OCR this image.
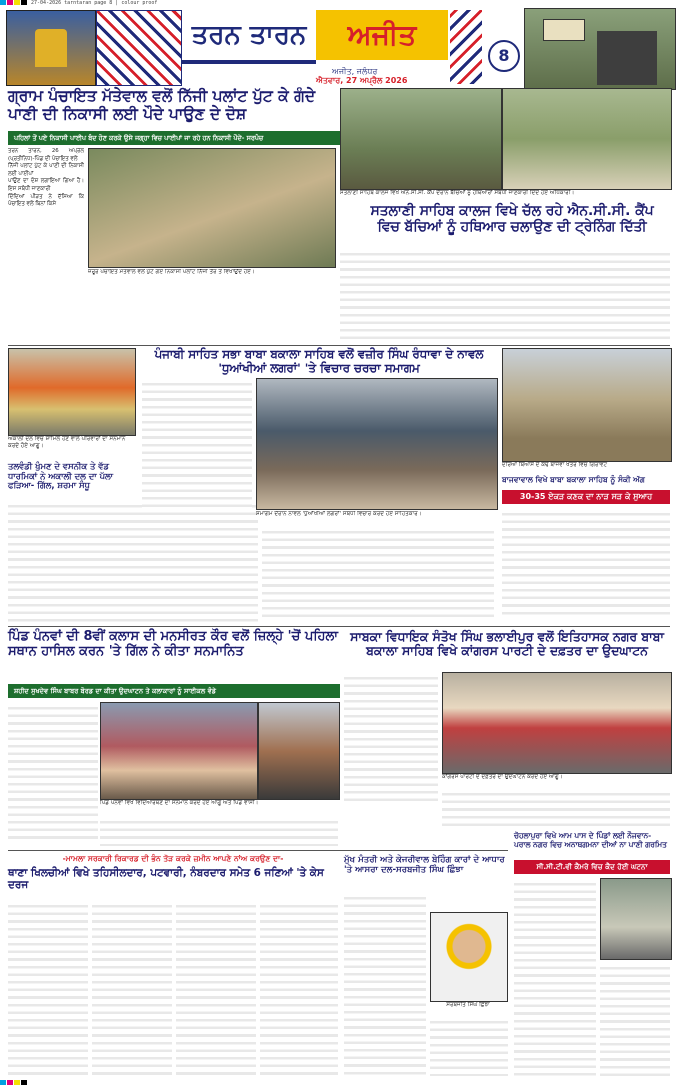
27-04-2026 tarntaran page 8 | colour proof
ਤਰਨ ਤਾਰਨ	ਅਜੀਤ
ਅਜੀਤ, ਜਲੰਧਰ
ਐਤਵਾਰ, 27 ਅਪ੍ਰੈਲ 2026
8
ਗ੍ਰਾਮ ਪੰਚਾਇਤ ਮੱਤੇਵਾਲ ਵਲੋਂ ਨਿੱਜੀ ਪਲਾਂਟ ਪੁੱਟ ਕੇ ਗੰਦੇ ਪਾਣੀ ਦੀ ਨਿਕਾਸੀ ਲਈ ਪੌਦੇ ਪਾਉਣ ਦੇ ਦੋਸ਼
ਪਹਿਲਾਂ ਤੋਂ ਪਏ ਨਿਕਾਸੀ ਪਾਈਪ ਬੰਦ ਹੋਣ ਕਰਕੇ ਉਸੇ ਜਗ੍ਹਾ ਵਿਚ ਪਾਈਪਾਂ ਜਾ ਰਹੇ ਹਨ ਨਿਕਾਸੀ ਪੌਦੇ- ਸਰਪੰਚ
ਤਰਨ ਤਾਰਨ, 26 ਅਪ੍ਰੈਲ (ਪ੍ਰਤੀਨਿਧ)-ਪਿੰਡ ਦੀ ਪੰਚਾਇਤ ਵਲੋਂ
ਨਿੱਜੀ ਪਲਾਂਟ ਪੁੱਟ ਕੇ ਪਾਣੀ ਦੀ ਨਿਕਾਸੀ ਲਈ ਪਾਈਪਾਂ
ਪਾਉਣ ਦਾ ਦੋਸ਼ ਲਗਾਇਆ ਗਿਆ ਹੈ। ਇਸ ਸਬੰਧੀ ਜਾਣਕਾਰੀ
ਦਿੰਦਿਆਂ ਪੀੜਤ ਨੇ ਦੱਸਿਆ ਕਿ ਪੰਚਾਇਤ ਵਲੋਂ ਬਿਨਾਂ ਕਿਸੇ
ਜ਼ਰੂਰ ਪੰਚਾਇਤ ਮੱਤੇਵਾਲ ਵਲੋਂ ਪੁੱਟੇ ਗਏ ਨਿਕਾਸੀ ਪਲਾਂਟ ਨਿੱਜੀ ਤੌਰ ਤੇ ਵਿਖਾਉਂਦੇ ਹੋਏ।
ਸਤਲਾਣੀ ਸਾਹਿਬ ਕਾਲਜ ਵਿਖੇ ਐਨ.ਸੀ.ਸੀ. ਕੈਂਪ ਦੌਰਾਨ ਬੱਚਿਆਂ ਨੂੰ ਹਥਿਆਰਾਂ ਸਬੰਧੀ ਜਾਣਕਾਰੀ ਦਿੰਦੇ ਹੋਏ ਅਧਿਕਾਰੀ।
ਸਤਲਾਣੀ ਸਾਹਿਬ ਕਾਲਜ ਵਿਖੇ ਚੱਲ ਰਹੇ ਐਨ.ਸੀ.ਸੀ. ਕੈਂਪ ਵਿਚ ਬੱਚਿਆਂ ਨੂੰ ਹਥਿਆਰ ਚਲਾਉਣ ਦੀ ਟ੍ਰੇਨਿੰਗ ਦਿੱਤੀ
ਅਕਾਲੀ ਦਲ ਵਿਚ ਸ਼ਾਮਿਲ ਹੋਣ ਵਾਲੇ ਪਰਿਵਾਰਾਂ ਦਾ ਸਨਮਾਨ ਕਰਦੇ ਹੋਏ ਆਗੂ।
ਤਲਵੰਡੀ ਖੁੰਮਣ ਦੇ ਵਸਨੀਕ ਤੇ ਵੱਡ ਧਾਰਮਿਕਾਂ ਨੇ ਅਕਾਲੀ ਦਲ ਦਾ ਪੱਲਾ ਫੜਿਆ- ਗਿੱਲ, ਸ਼ਰਮਾ ਸੰਧੂ
ਪੰਜਾਬੀ ਸਾਹਿਤ ਸਭਾ ਬਾਬਾ ਬਕਾਲਾ ਸਾਹਿਬ ਵਲੋਂ ਵਜ਼ੀਰ ਸਿੰਘ ਰੰਧਾਵਾ ਦੇ ਨਾਵਲ 'ਧੁਆਂਖੀਆਂ ਲਗਰਾਂ' 'ਤੇ ਵਿਚਾਰ ਚਰਚਾ ਸਮਾਗਮ
ਸਮਾਗਮ ਦੌਰਾਨ ਨਾਵਲ 'ਧੁਆਂਖੀਆਂ ਲਗਰਾਂ' ਸਬੰਧੀ ਵਿਚਾਰ ਕਰਦੇ ਹੋਏ ਸਾਹਿਤਕਾਰ।
ਦਰਿਆ ਬਿਆਸ ਦੇ ਕੰਢੇ ਬਾਜਵਾ ਖੇਤਰ ਵਿਚ ਗਿਰਾਵਟ
ਬਾਜਵਾਵਾਲ ਵਿਖੇ ਬਾਬਾ ਬਕਾਲਾ ਸਾਹਿਬ ਨੂੰ ਸੰਕੀ ਅੱਗ
30-35 ਏਕੜ ਕਣਕ ਦਾ ਨਾੜ ਸੜ ਕੇ ਸੁਆਹ
ਪਿੰਡ ਪੰਨਵਾਂ ਦੀ 8ਵੀਂ ਕਲਾਸ ਦੀ ਮਨਸੀਰਤ ਕੌਰ ਵਲੋਂ ਜ਼ਿਲ੍ਹੇ 'ਚੋਂ ਪਹਿਲਾ ਸਥਾਨ ਹਾਸਿਲ ਕਰਨ 'ਤੇ ਗਿੱਲ ਨੇ ਕੀਤਾ ਸਨਮਾਨਿਤ
ਸ਼ਹੀਦ ਸੁਖਦੇਵ ਸਿੰਘ ਬਾਬਰ ਬੋਰਡ ਦਾ ਕੀਤਾ ਉਦਘਾਟਨ ਤੇ ਕਲਾਕਾਰਾਂ ਨੂੰ ਸਾਈਕਲ ਵੰਡੇ
ਪਿੰਡ ਪੰਨਵਾਂ ਵਿਖੇ ਵਿਦਿਆਰਥਣ ਦਾ ਸਨਮਾਨ ਕਰਦੇ ਹੋਏ ਆਗੂ ਅਤੇ ਪਿੰਡ ਵਾਸੀ।
ਸਾਬਕਾ ਵਿਧਾਇਕ ਸੰਤੋਖ ਸਿੰਘ ਭਲਾਈਪੁਰ ਵਲੋਂ ਇਤਿਹਾਸਕ ਨਗਰ ਬਾਬਾ ਬਕਾਲਾ ਸਾਹਿਬ ਵਿਖੇ ਕਾਂਗਰਸ ਪਾਰਟੀ ਦੇ ਦਫ਼ਤਰ ਦਾ ਉਦਘਾਟਨ
ਕਾਂਗਰਸ ਪਾਰਟੀ ਦੇ ਦਫ਼ਤਰ ਦਾ ਉਦਘਾਟਨ ਕਰਦੇ ਹੋਏ ਆਗੂ।
ਚੋਹਲਾਪੁਰਾ ਵਿਖੇ ਆਮ ਪਾਸ ਦੇ ਪਿੰਡਾਂ ਲਈ ਨੌਜਵਾਨ- ਪਰਾਲ ਨਗਰ ਵਿਚ ਅਨਾਥਗਮਨਾ ਦੀਆਂ ਨਾ ਪਾਣੀ ਗਰਮਿਤ
ਸੀ.ਸੀ.ਟੀ.ਵੀ ਕੈਮਰੇ ਵਿਚ ਕੈਦ ਹੋਈ ਘਟਨਾ
-ਮਾਮਲਾ ਸਰਕਾਰੀ ਰਿਕਾਰਡ ਦੀ ਭੰਨ ਤੋੜ ਕਰਕੇ ਜ਼ਮੀਨ ਆਪਣੇ ਨਾਂਅ ਕਰਉਣ ਦਾ-
ਥਾਣਾ ਖਿਲਚੀਆਂ ਵਿਖੇ ਤਹਿਸੀਲਦਾਰ, ਪਟਵਾਰੀ, ਨੰਬਰਦਾਰ ਸਮੇਤ 6 ਜਣਿਆਂ 'ਤੇ ਕੇਸ ਦਰਜ
ਮੁੱਖ ਮੰਤਰੀ ਅਤੇ ਕੇਜਰੀਵਾਲ ਬੇਹਿੰਗ ਕਾਰਾਂ ਦੇ ਆਧਾਰ 'ਤੇ ਆਸਰਾ ਦਲ-ਸਰਬਜੀਤ ਸਿੰਘ ਛਿੰਝਾ
ਸਰਬਜੀਤ ਸਿੰਘ ਛਿੰਝਾ
